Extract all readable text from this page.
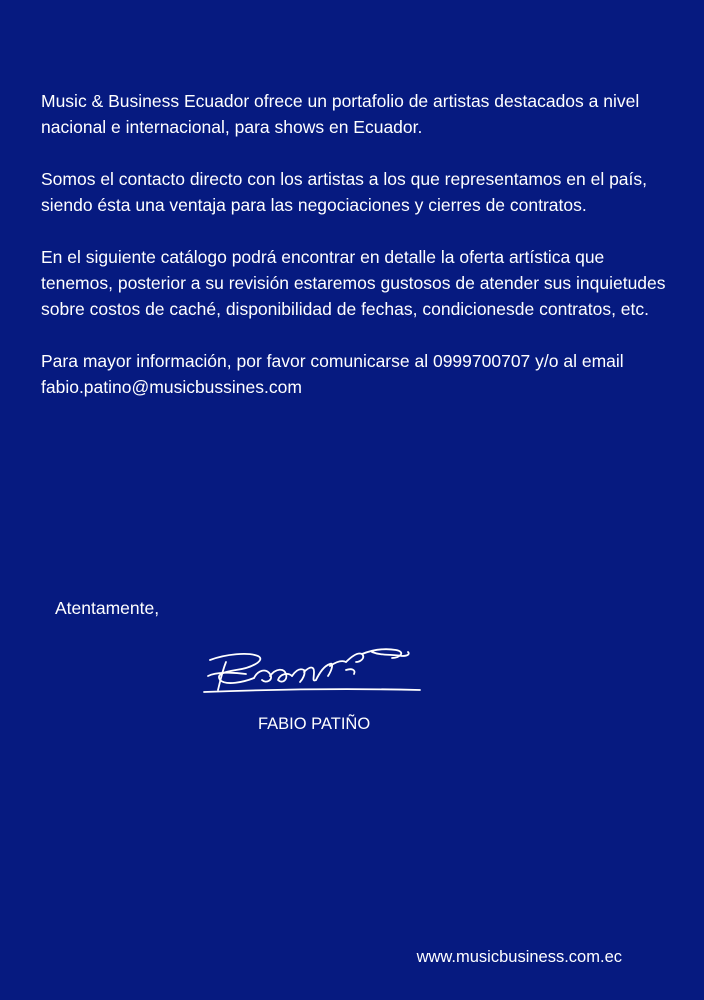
Music & Business Ecuador ofrece un portafolio de artistas destacados a nivel nacional e internacional, para shows en Ecuador.

Somos el contacto directo con los artistas a los que representamos en el país, siendo ésta una ventaja para las negociaciones y cierres de contratos.

En el siguiente catálogo podrá encontrar en detalle la oferta artística que tenemos, posterior a su revisión estaremos gustosos de atender sus inquietudes sobre costos de caché, disponibilidad de fechas, condicionesde contratos, etc.

Para mayor información, por favor comunicarse al 0999700707 y/o al email fabio.patino@musicbussines.com

Atentamente,
FABIO PATIÑO
www.musicbusiness.com.ec
